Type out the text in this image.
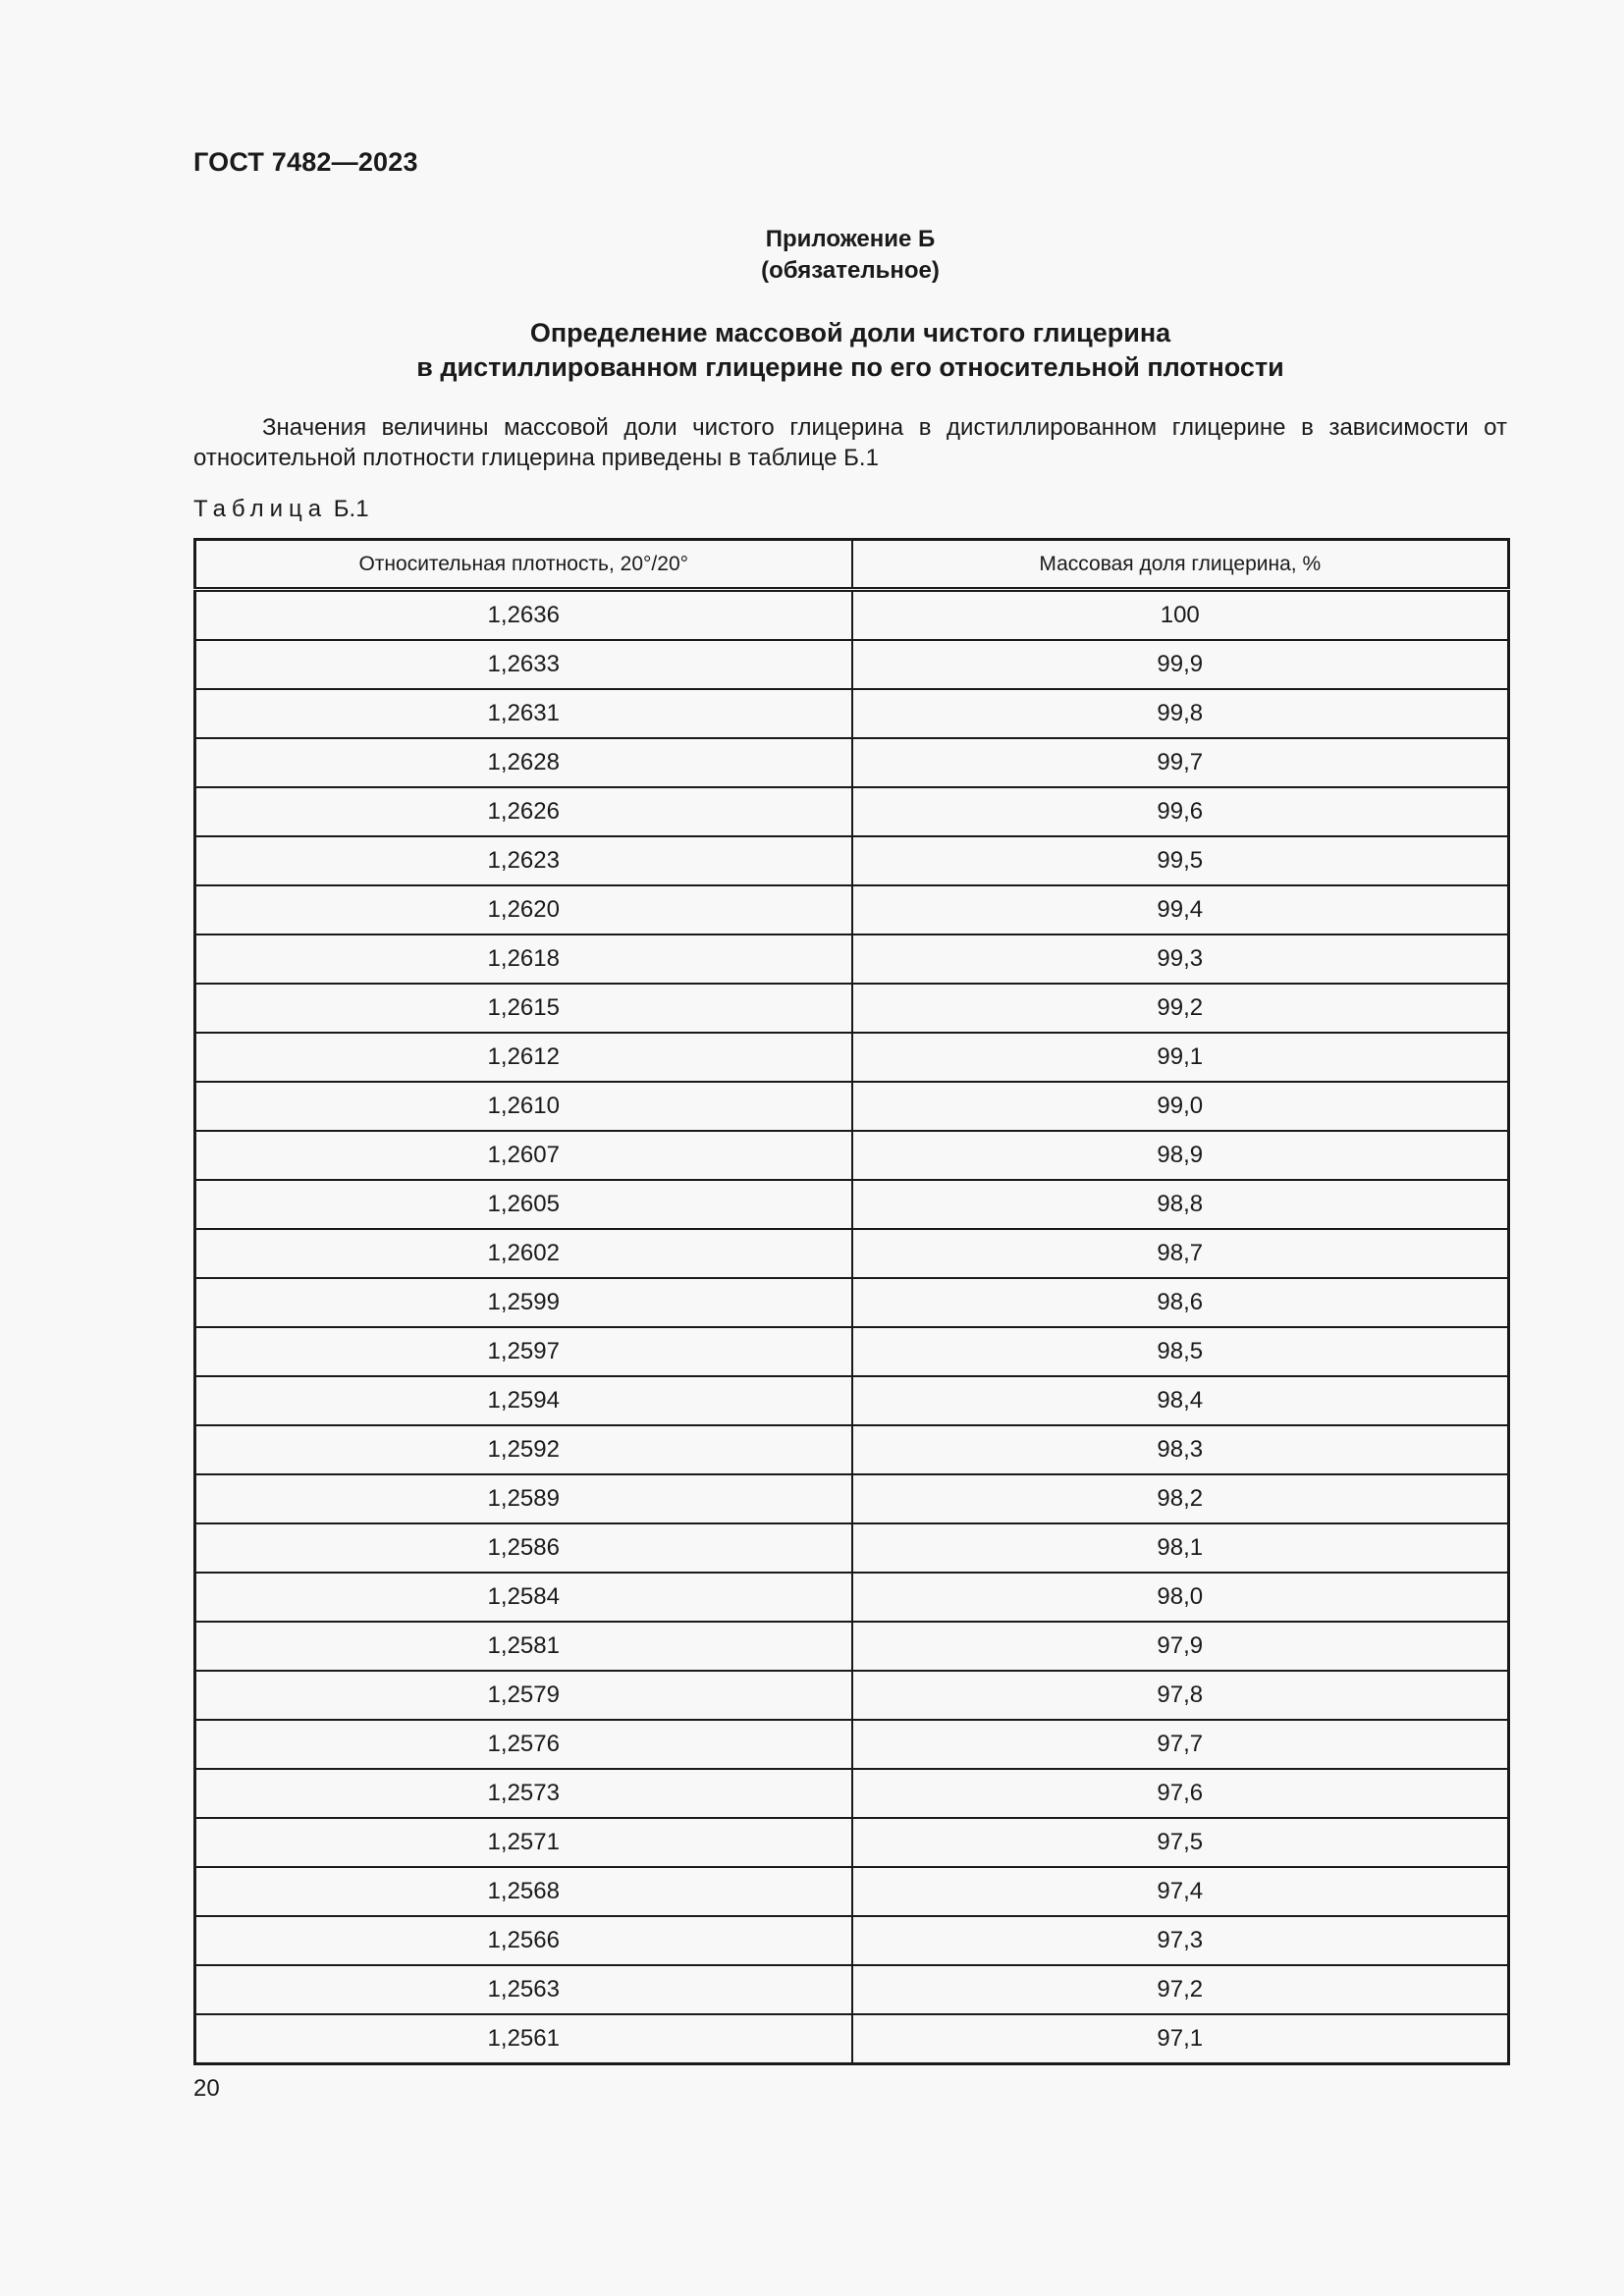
ГОСТ 7482—2023
Приложение Б
(обязательное)
Определение массовой доли чистого глицерина
в дистиллированном глицерине по его относительной плотности
Значения величины массовой доли чистого глицерина в дистиллированном глицерине в зависимости от относительной плотности глицерина приведены в таблице Б.1
Таблица Б.1
Относительная плотность, 20°/20°	Массовая доля глицерина, %
1,2636	100
1,2633	99,9
1,2631	99,8
1,2628	99,7
1,2626	99,6
1,2623	99,5
1,2620	99,4
1,2618	99,3
1,2615	99,2
1,2612	99,1
1,2610	99,0
1,2607	98,9
1,2605	98,8
1,2602	98,7
1,2599	98,6
1,2597	98,5
1,2594	98,4
1,2592	98,3
1,2589	98,2
1,2586	98,1
1,2584	98,0
1,2581	97,9
1,2579	97,8
1,2576	97,7
1,2573	97,6
1,2571	97,5
1,2568	97,4
1,2566	97,3
1,2563	97,2
1,2561	97,1
20
